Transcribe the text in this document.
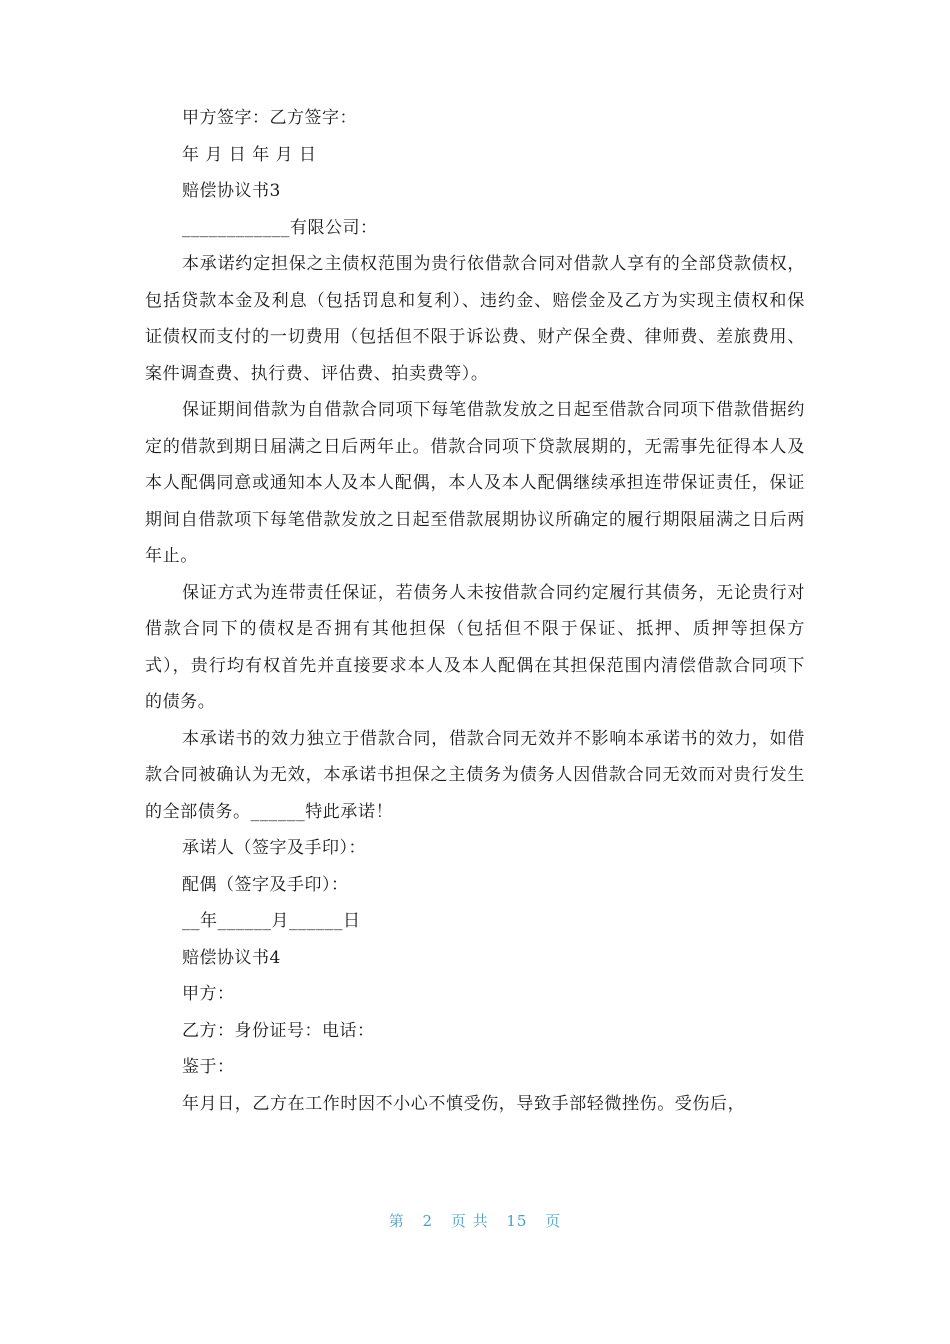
甲方签字：乙方签字：
年 月 日 年 月 日
赔偿协议书3
____________有限公司：

本承诺约定担保之主债权范围为贵行依借款合同对借款人享有的全部贷款债权，包括贷款本金及利息（包括罚息和复利）、违约金、赔偿金及乙方为实现主债权和保证债权而支付的一切费用（包括但不限于诉讼费、财产保全费、律师费、差旅费用、案件调查费、执行费、评估费、拍卖费等）。

保证期间借款为自借款合同项下每笔借款发放之日起至借款合同项下借款借据约定的借款到期日届满之日后两年止。借款合同项下贷款展期的，无需事先征得本人及本人配偶同意或通知本人及本人配偶，本人及本人配偶继续承担连带保证责任，保证期间自借款项下每笔借款发放之日起至借款展期协议所确定的履行期限届满之日后两年止。

保证方式为连带责任保证，若债务人未按借款合同约定履行其债务，无论贵行对借款合同下的债权是否拥有其他担保（包括但不限于保证、抵押、质押等担保方式），贵行均有权首先并直接要求本人及本人配偶在其担保范围内清偿借款合同项下的债务。

本承诺书的效力独立于借款合同，借款合同无效并不影响本承诺书的效力，如借款合同被确认为无效，本承诺书担保之主债务为债务人因借款合同无效而对贵行发生的全部债务。______特此承诺！

承诺人（签字及手印）：
配偶（签字及手印）：
__年______月______日
赔偿协议书4
甲方：
乙方：身份证号：电话：
鉴于：

年月日，乙方在工作时因不小心不慎受伤，导致手部轻微挫伤。受伤后，

第 2 页 共 15 页
